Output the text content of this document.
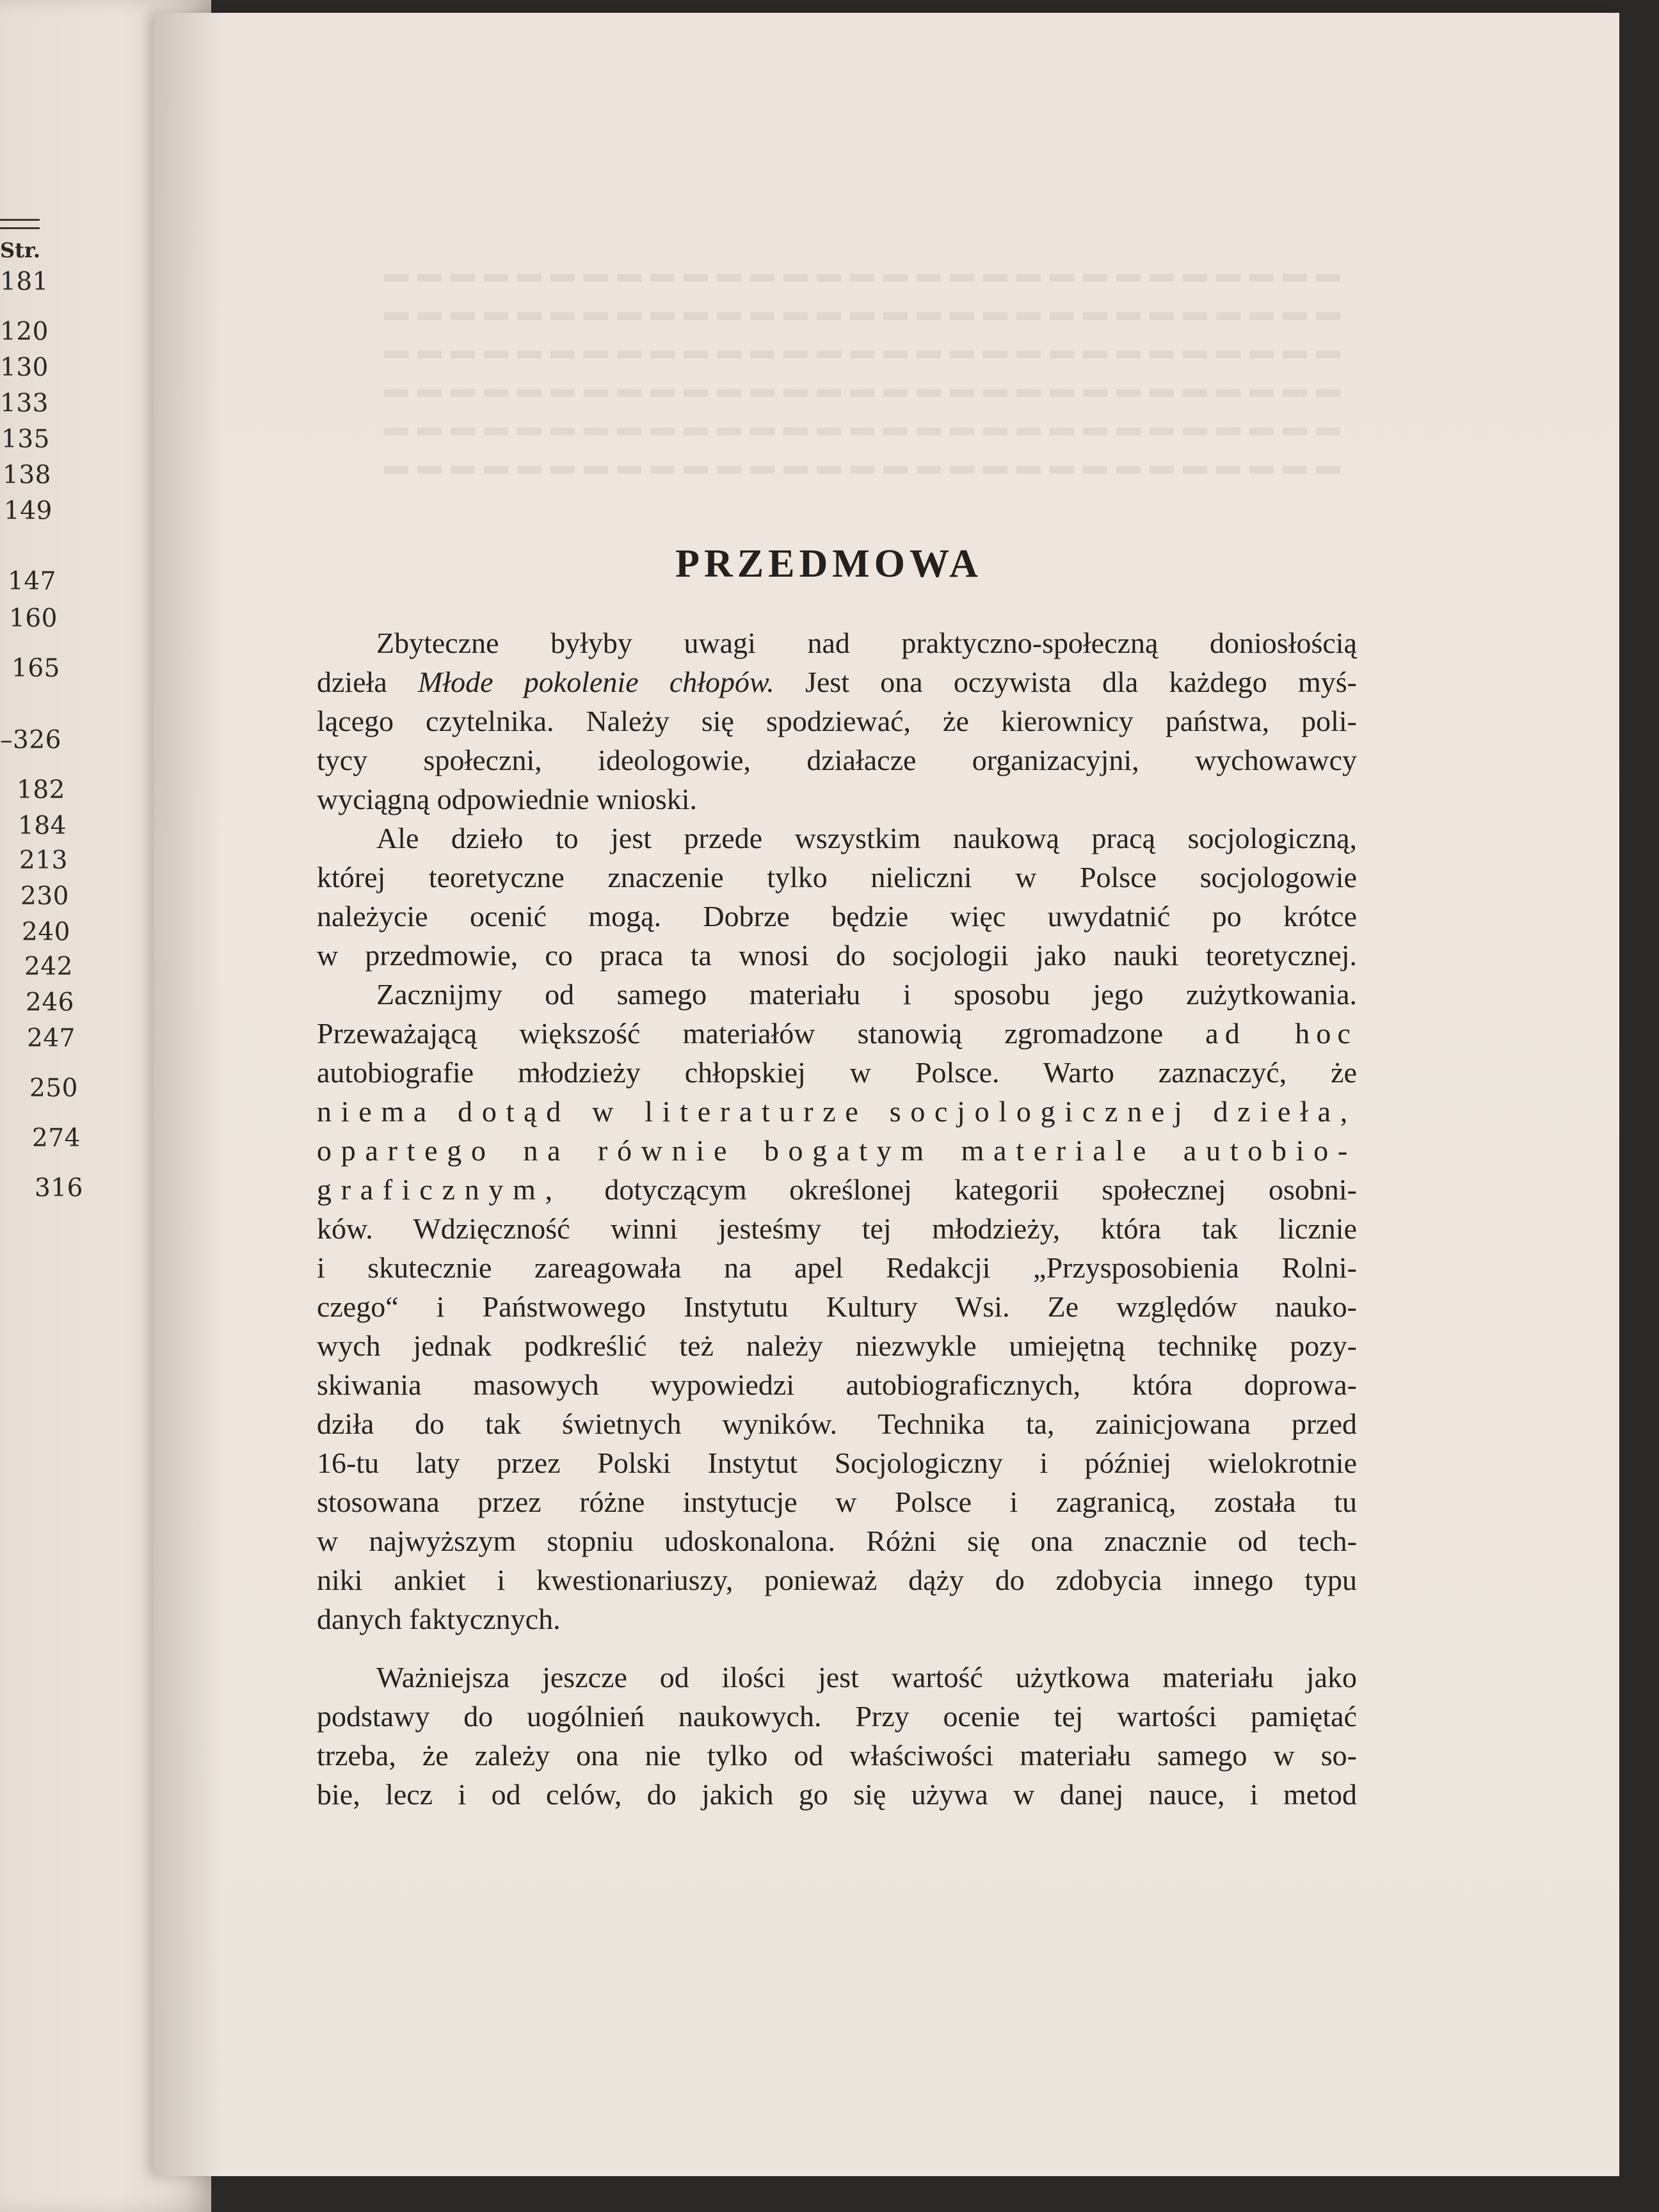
Str.
181
120
130
133
135
138
149
147
160
165
–326
182
184
213
230
240
242
246
247
250
274
316
PRZEDMOWA
Zbyteczne byłyby uwagi nad praktyczno-społeczną doniosłością
dzieła Młode pokolenie chłopów. Jest ona oczywista dla każdego myś-
lącego czytelnika. Należy się spodziewać, że kierownicy państwa, poli-
tycy społeczni, ideologowie, działacze organizacyjni, wychowawcy
wyciągną odpowiednie wnioski.
Ale dzieło to jest przede wszystkim naukową pracą socjologiczną,
której teoretyczne znaczenie tylko nieliczni w Polsce socjologowie
należycie ocenić mogą. Dobrze będzie więc uwydatnić po krótce
w przedmowie, co praca ta wnosi do socjologii jako nauki teoretycznej.
Zacznijmy od samego materiału i sposobu jego zużytkowania.
Przeważającą większość materiałów stanowią zgromadzone ad hoc
autobiografie młodzieży chłopskiej w Polsce. Warto zaznaczyć, że
niema dotąd w literaturze socjologicznej dzieła,
opartego na równie bogatym materiale autobio-
graficznym, dotyczącym określonej kategorii społecznej osobni-
ków. Wdzięczność winni jesteśmy tej młodzieży, która tak licznie
i skutecznie zareagowała na apel Redakcji „Przysposobienia Rolni-
czego“ i Państwowego Instytutu Kultury Wsi. Ze względów nauko-
wych jednak podkreślić też należy niezwykle umiejętną technikę pozy-
skiwania masowych wypowiedzi autobiograficznych, która doprowa-
dziła do tak świetnych wyników. Technika ta, zainicjowana przed
16-tu laty przez Polski Instytut Socjologiczny i później wielokrotnie
stosowana przez różne instytucje w Polsce i zagranicą, została tu
w najwyższym stopniu udoskonalona. Różni się ona znacznie od tech-
niki ankiet i kwestionariuszy, ponieważ dąży do zdobycia innego typu
danych faktycznych.
Ważniejsza jeszcze od ilości jest wartość użytkowa materiału jako
podstawy do uogólnień naukowych. Przy ocenie tej wartości pamiętać
trzeba, że zależy ona nie tylko od właściwości materiału samego w so-
bie, lecz i od celów, do jakich go się używa w danej nauce, i metod
